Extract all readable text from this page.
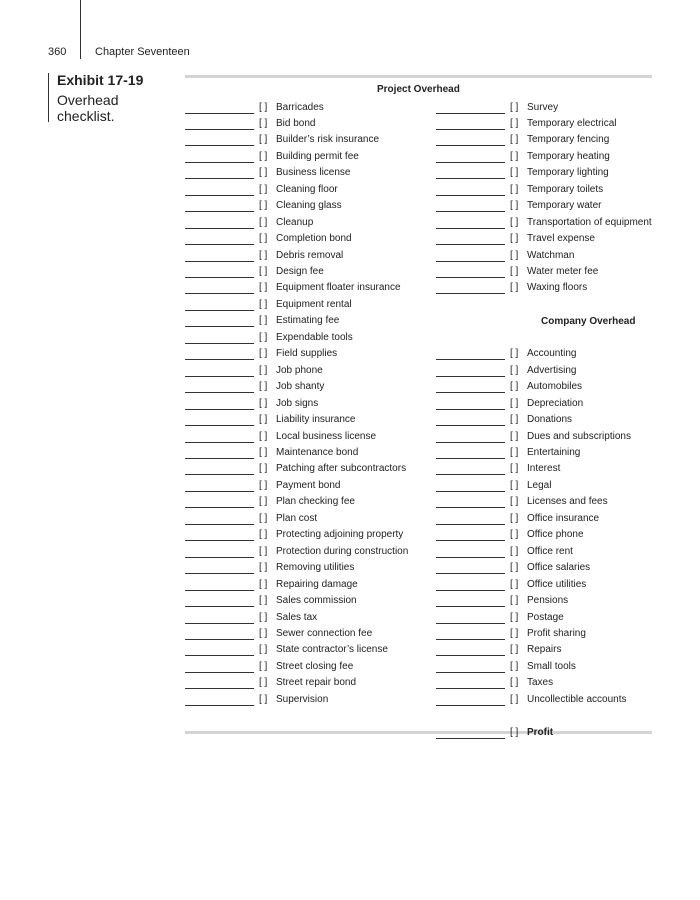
360	Chapter Seventeen
Exhibit 17-19
Overhead
checklist.
Project Overhead
Company Overhead
[ ] Barricades
[ ] Bid bond
[ ] Builder’s risk insurance
[ ] Building permit fee
[ ] Business license
[ ] Cleaning floor
[ ] Cleaning glass
[ ] Cleanup
[ ] Completion bond
[ ] Debris removal
[ ] Design fee
[ ] Equipment floater insurance
[ ] Equipment rental
[ ] Estimating fee
[ ] Expendable tools
[ ] Field supplies
[ ] Job phone
[ ] Job shanty
[ ] Job signs
[ ] Liability insurance
[ ] Local business license
[ ] Maintenance bond
[ ] Patching after subcontractors
[ ] Payment bond
[ ] Plan checking fee
[ ] Plan cost
[ ] Protecting adjoining property
[ ] Protection during construction
[ ] Removing utilities
[ ] Repairing damage
[ ] Sales commission
[ ] Sales tax
[ ] Sewer connection fee
[ ] State contractor’s license
[ ] Street closing fee
[ ] Street repair bond
[ ] Supervision
[ ] Survey
[ ] Temporary electrical
[ ] Temporary fencing
[ ] Temporary heating
[ ] Temporary lighting
[ ] Temporary toilets
[ ] Temporary water
[ ] Transportation of equipment
[ ] Travel expense
[ ] Watchman
[ ] Water meter fee
[ ] Waxing floors
[ ] Accounting
[ ] Advertising
[ ] Automobiles
[ ] Depreciation
[ ] Donations
[ ] Dues and subscriptions
[ ] Entertaining
[ ] Interest
[ ] Legal
[ ] Licenses and fees
[ ] Office insurance
[ ] Office phone
[ ] Office rent
[ ] Office salaries
[ ] Office utilities
[ ] Pensions
[ ] Postage
[ ] Profit sharing
[ ] Repairs
[ ] Small tools
[ ] Taxes
[ ] Uncollectible accounts
[ ] Profit
